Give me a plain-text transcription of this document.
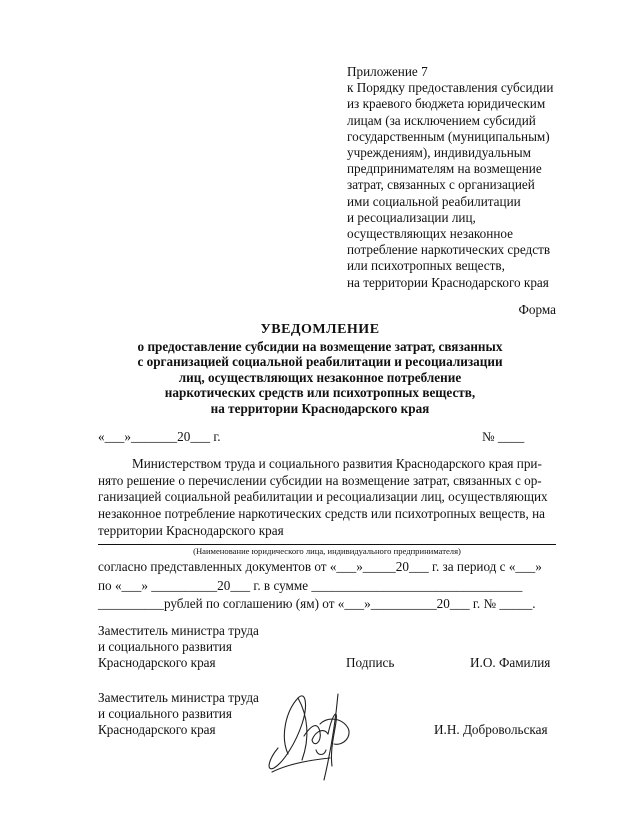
Приложение 7
к Порядку предоставления субсидии
из краевого бюджета юридическим
лицам (за исключением субсидий
государственным (муниципальным)
учреждениям), индивидуальным
предпринимателям на возмещение
затрат, связанных с организацией
ими социальной реабилитации
и ресоциализации лиц,
осуществляющих незаконное
потребление наркотических средств
или психотропных веществ,
на территории Краснодарского края
Форма
УВЕДОМЛЕНИЕ
о предоставление субсидии на возмещение затрат, связанных
с организацией социальной реабилитации и ресоциализации
лиц, осуществляющих незаконное потребление
наркотических средств или психотропных веществ,
на территории Краснодарского края
«___»_______20___ г.	№ ____
Министерством труда и социального развития Краснодарского края при-
нято решение о перечислении субсидии на возмещение затрат, связанных с ор-
ганизацией социальной реабилитации и ресоциализации лиц, осуществляющих
незаконное потребление наркотических средств или психотропных веществ, на
территории Краснодарского края
(Наименование юридического лица, индивидуального предпринимателя)
согласно представленных документов от «___»_____20___ г. за период с «___»
по «___» __________20___ г. в сумме ________________________________
__________рублей по соглашению (ям) от «___»__________20___ г. № _____.
Заместитель министра труда
и социального развития
Краснодарского края	Подпись	И.О. Фамилия
Заместитель министра труда
и социального развития
Краснодарского края	И.Н. Добровольская
